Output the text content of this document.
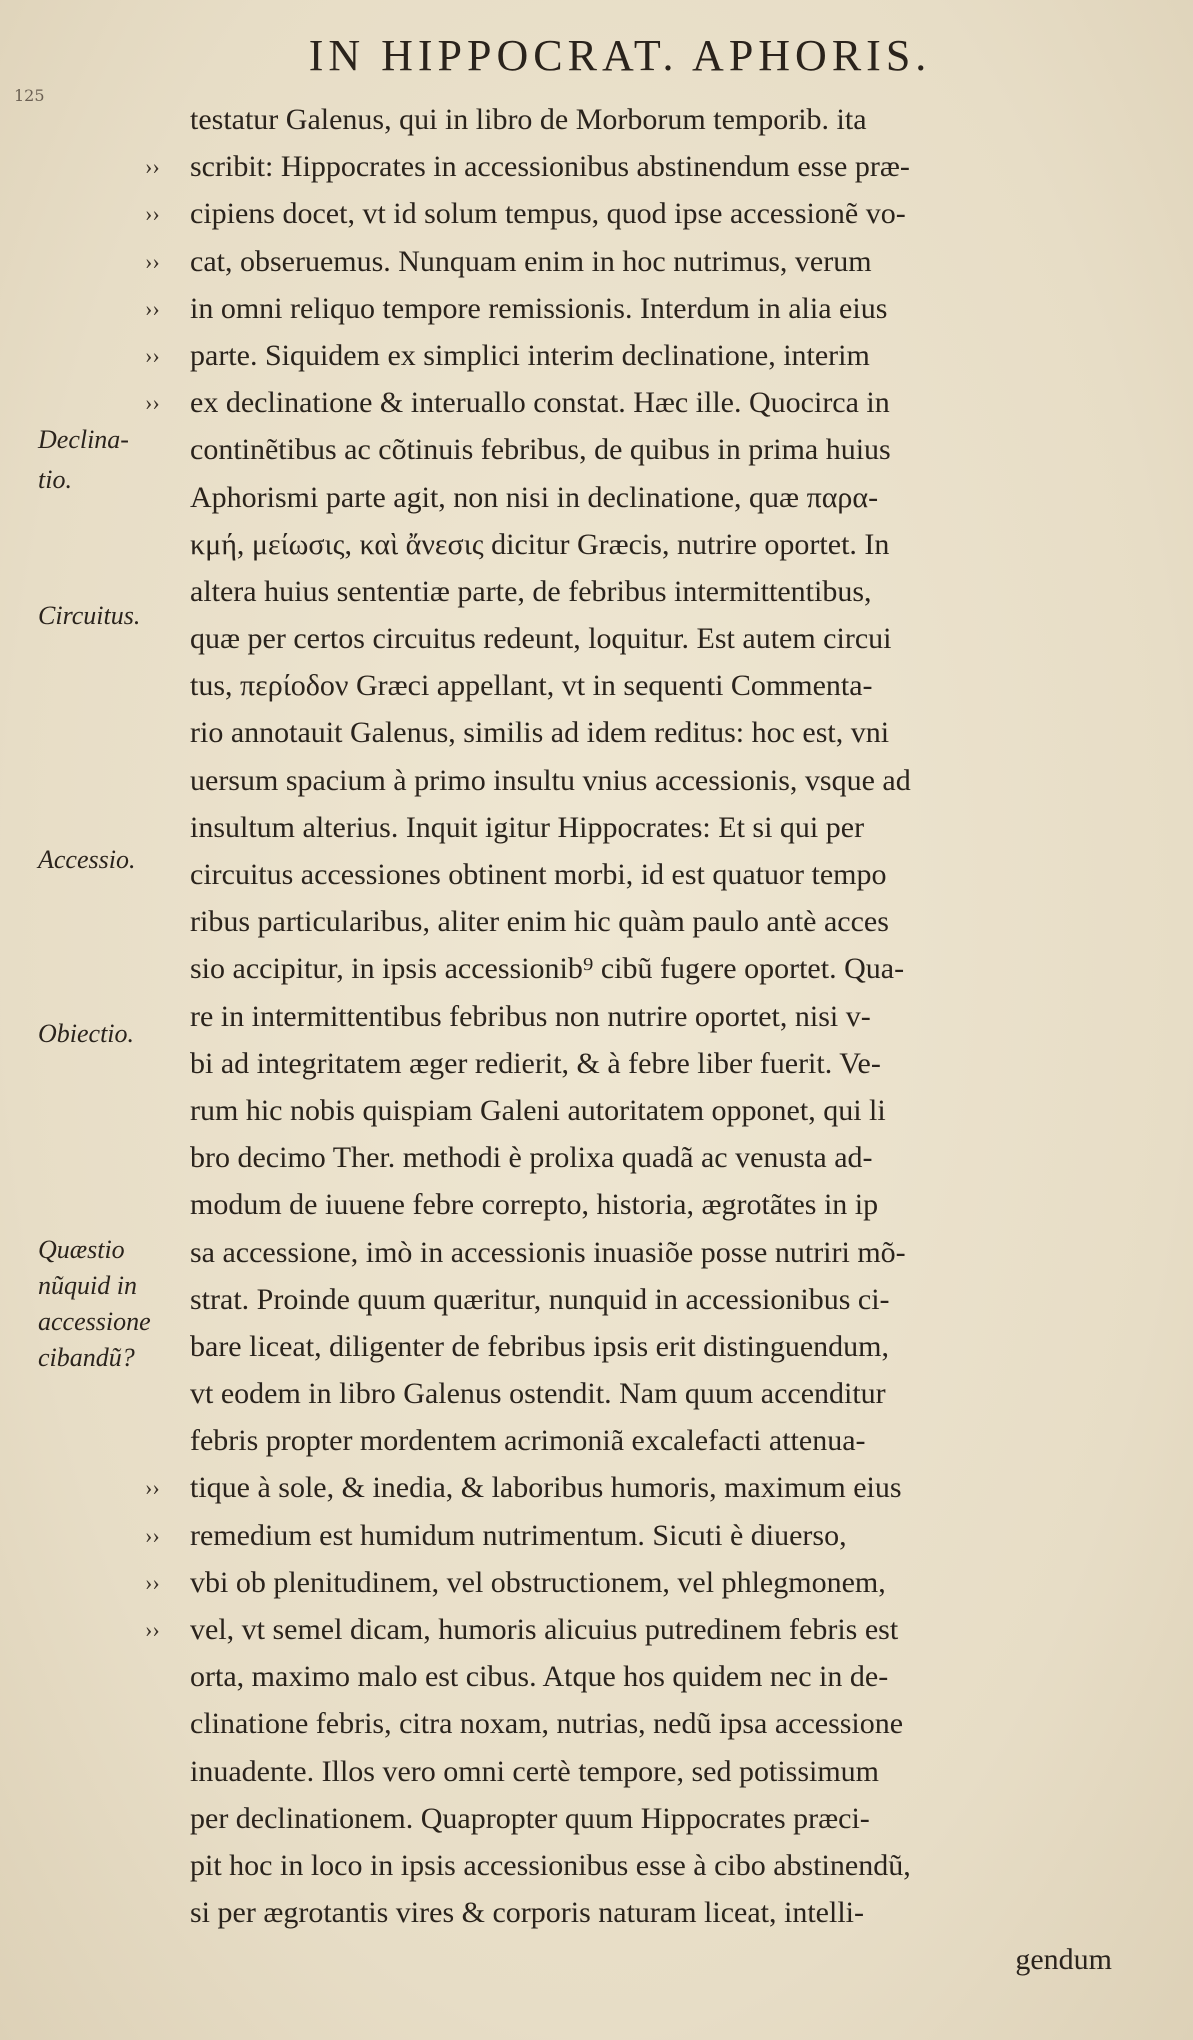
IN HIPPOCRAT. APHORIS.
125
Declina-
tio.
Circuitus.
Accessio.
Obiectio.
Quæstio
nũquid in
accessione
cibandũ?
testatur Galenus, qui in libro de Morborum temporib. ita
›› scribit: Hippocrates in accessionibus abstinendum esse præ-
›› cipiens docet, vt id solum tempus, quod ipse accessionẽ vo-
›› cat, obseruemus. Nunquam enim in hoc nutrimus, verum
›› in omni reliquo tempore remissionis. Interdum in alia eius
›› parte. Siquidem ex simplici interim declinatione, interim
›› ex declinatione & interuallo constat. Hæc ille. Quocirca in
continẽtibus ac cõtinuis febribus, de quibus in prima huius
Aphorismi parte agit, non nisi in declinatione, quæ παρα-
κμή, μείωσις, καὶ ἄνεσις dicitur Græcis, nutrire oportet. In
altera huius sententiæ parte, de febribus intermittentibus,
quæ per certos circuitus redeunt, loquitur. Est autem circui
tus, περίοδον Græci appellant, vt in sequenti Commenta-
rio annotauit Galenus, similis ad idem reditus: hoc est, vni
uersum spacium à primo insultu vnius accessionis, vsque ad
insultum alterius. Inquit igitur Hippocrates: Et si qui per
circuitus accessiones obtinent morbi, id est quatuor tempo
ribus particularibus, aliter enim hic quàm paulo antè acces
sio accipitur, in ipsis accessionib⁹ cibũ fugere oportet. Qua-
re in intermittentibus febribus non nutrire oportet, nisi v-
bi ad integritatem æger redierit, & à febre liber fuerit. Ve-
rum hic nobis quispiam Galeni autoritatem opponet, qui li
bro decimo Ther. methodi è prolixa quadã ac venusta ad-
modum de iuuene febre correpto, historia, ægrotãtes in ip
sa accessione, imò in accessionis inuasiõe posse nutriri mõ-
strat. Proinde quum quæritur, nunquid in accessionibus ci-
bare liceat, diligenter de febribus ipsis erit distinguendum,
vt eodem in libro Galenus ostendit. Nam quum accenditur
febris propter mordentem acrimoniã excalefacti attenua-
›› tique à sole, & inedia, & laboribus humoris, maximum eius
›› remedium est humidum nutrimentum. Sicuti è diuerso,
›› vbi ob plenitudinem, vel obstructionem, vel phlegmonem,
›› vel, vt semel dicam, humoris alicuius putredinem febris est
orta, maximo malo est cibus. Atque hos quidem nec in de-
clinatione febris, citra noxam, nutrias, nedũ ipsa accessione
inuadente. Illos vero omni certè tempore, sed potissimum
per declinationem. Quapropter quum Hippocrates præci-
pit hoc in loco in ipsis accessionibus esse à cibo abstinendũ,
si per ægrotantis vires & corporis naturam liceat, intelli-
gendum
